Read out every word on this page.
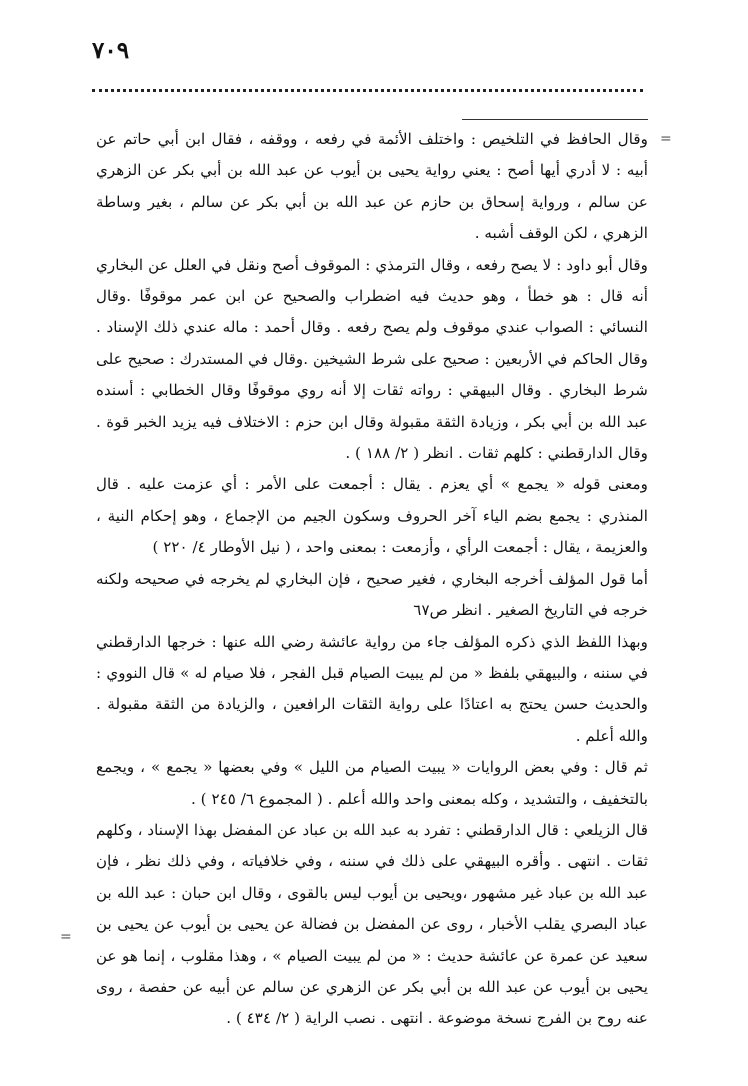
٧٠٩
=
=

وقال الحافظ في التلخيص : واختلف الأئمة في رفعه ، ووقفه ، فقال ابن أبي حاتم عن أبيه : لا أدري أيها أصح : يعني رواية يحيى بن أيوب عن عبد الله بن أبي بكر عن الزهري عن سالم ، ورواية إسحاق بن حازم عن عبد الله بن أبي بكر عن سالم ، بغير وساطة الزهري ، لكن الوقف أشبه .

وقال أبو داود : لا يصح رفعه ، وقال الترمذي : الموقوف أصح ونقل في العلل عن البخاري أنه قال : هو خطأ ، وهو حديث فيه اضطراب والصحيح عن ابن عمر موقوفًا .وقال النسائي : الصواب عندي موقوف ولم يصح رفعه . وقال أحمد : ماله عندي ذلك الإسناد . وقال الحاكم في الأربعين : صحيح على شرط الشيخين .وقال في المستدرك : صحيح على شرط البخاري . وقال البيهقي : رواته ثقات إلا أنه روي موقوفًا وقال الخطابي : أسنده عبد الله بن أبي بكر ، وزيادة الثقة مقبولة وقال ابن حزم : الاختلاف فيه يزيد الخبر قوة . وقال الدارقطني : كلهم ثقات . انظر ( ٢/ ١٨٨ ) .

ومعنى قوله « يجمع » أي يعزم . يقال : أجمعت على الأمر : أي عزمت عليه . قال المنذري : يجمع بضم الياء آخر الحروف وسكون الجيم من الإجماع ، وهو إحكام النية ، والعزيمة ، يقال : أجمعت الرأي ، وأزمعت : بمعنى واحد ، ( نيل الأوطار ٤/ ٢٢٠ )

أما قول المؤلف أخرجه البخاري ، فغير صحيح ، فإن البخاري لم يخرجه في صحيحه ولكنه خرجه في التاريخ الصغير . انظر ص٦٧

وبهذا اللفظ الذي ذكره المؤلف جاء من رواية عائشة رضي الله عنها : خرجها الدارقطني في سننه ، والبيهقي بلفظ « من لم يبيت الصيام قبل الفجر ، فلا صيام له » قال النووي : والحديث حسن يحتج به اعتادًا على رواية الثقات الرافعين ، والزيادة من الثقة مقبولة . والله أعلم .

ثم قال : وفي بعض الروايات « يبيت الصيام من الليل » وفي بعضها « يجمع » ، ويجمع بالتخفيف ، والتشديد ، وكله بمعنى واحد والله أعلم . ( المجموع ٦/ ٢٤٥ ) .

قال الزيلعي : قال الدارقطني : تفرد به عبد الله بن عباد عن المفضل بهذا الإسناد ، وكلهم ثقات . انتهى . وأقره البيهقي على ذلك في سننه ، وفي خلافياته ، وفي ذلك نظر ، فإن عبد الله بن عباد غير مشهور ،ويحيى بن أيوب ليس بالقوى ، وقال ابن حبان : عبد الله بن عباد البصري يقلب الأخبار ، روى عن المفضل بن فضالة عن يحيى بن أيوب عن يحيى بن سعيد عن عمرة عن عائشة حديث : « من لم يبيت الصيام » ، وهذا مقلوب ، إنما هو عن يحيى بن أيوب عن عبد الله بن أبي بكر عن الزهري عن سالم عن أبيه عن حفصة ، روى عنه روح بن الفرج نسخة موضوعة . انتهى . نصب الراية ( ٢/ ٤٣٤ ) .
